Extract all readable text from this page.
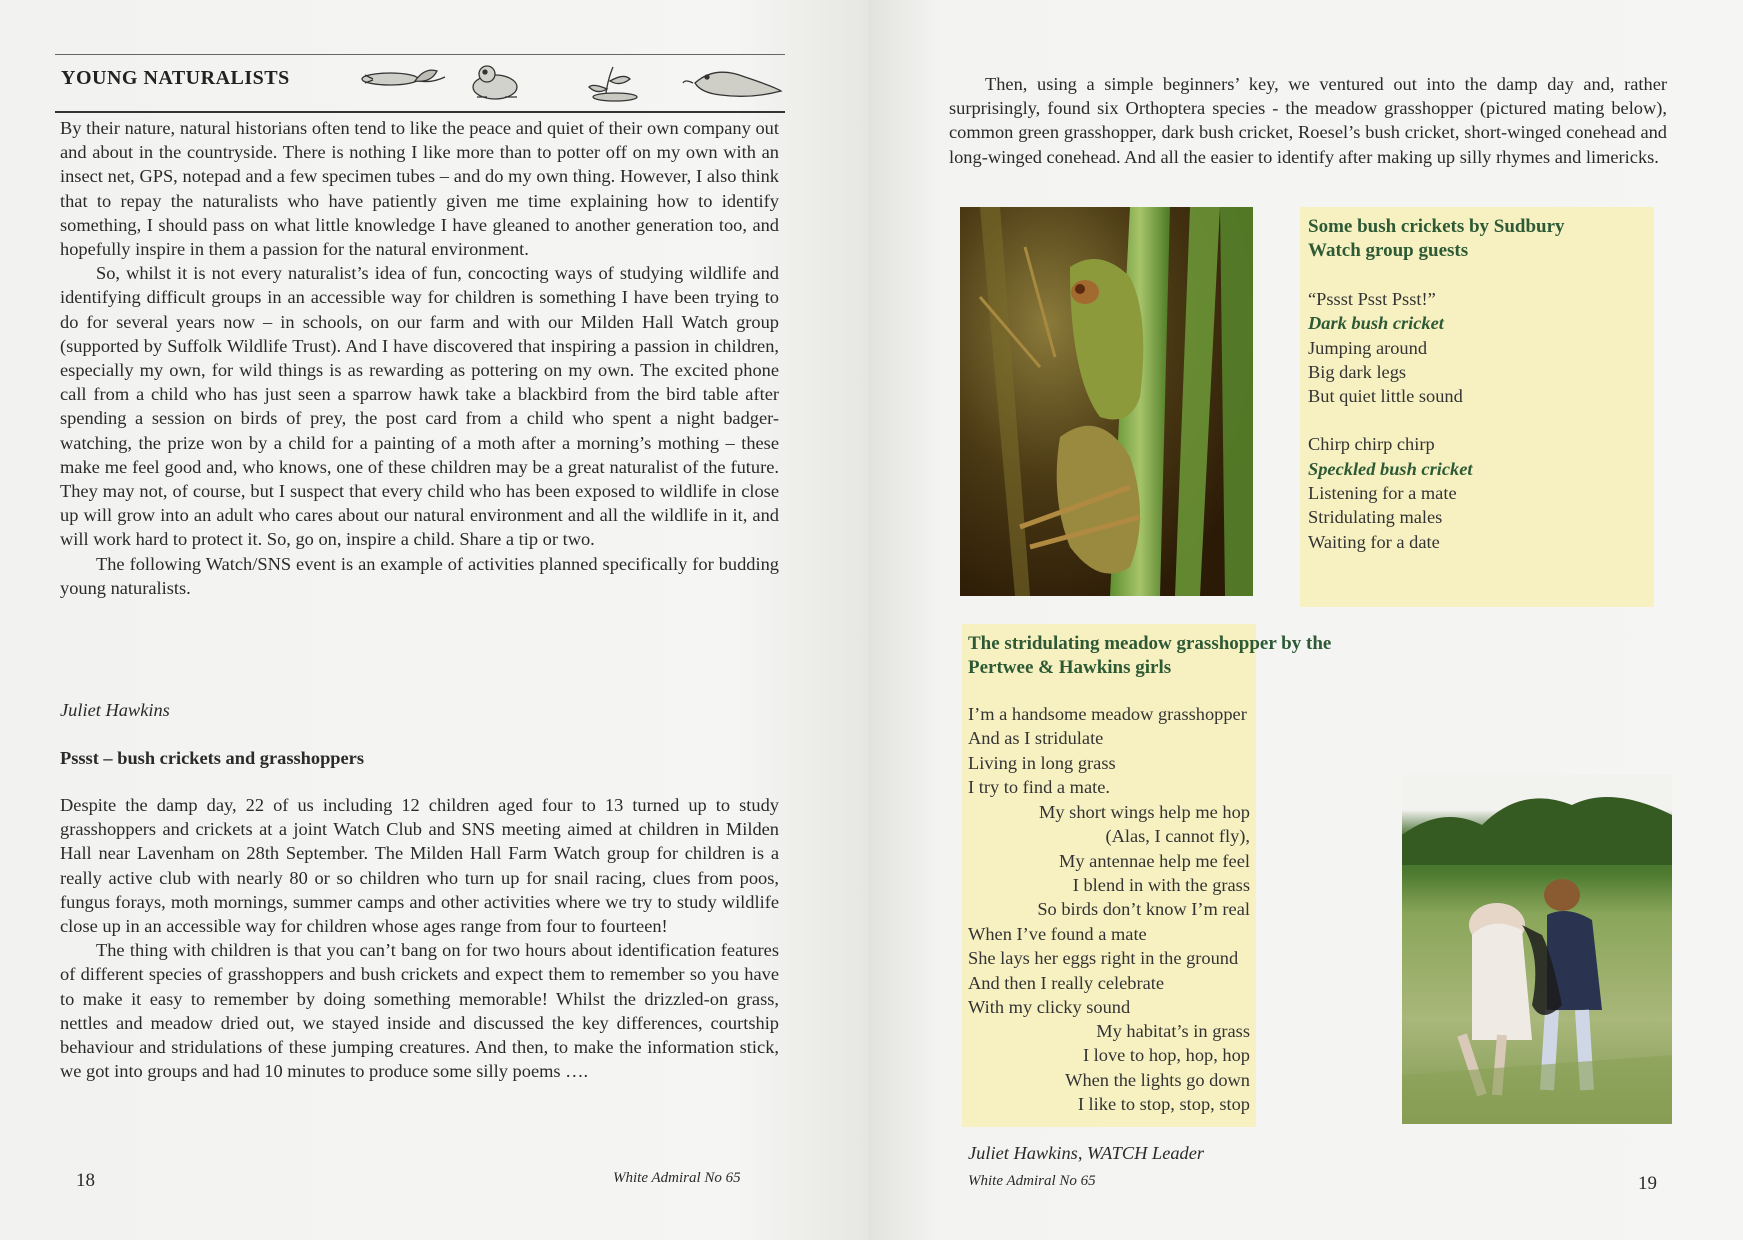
YOUNG NATURALISTS

By their nature, natural historians often tend to like the peace and quiet of their own company out and about in the countryside. There is nothing I like more than to potter off on my own with an insect net, GPS, notepad and a few specimen tubes – and do my own thing. However, I also think that to repay the naturalists who have patiently given me time explaining how to identify something, I should pass on what little knowledge I have gleaned to another generation too, and hopefully inspire in them a passion for the natural environment.

So, whilst it is not every naturalist’s idea of fun, concocting ways of studying wildlife and identifying difficult groups in an accessible way for children is something I have been trying to do for several years now – in schools, on our farm and with our Milden Hall Watch group (supported by Suffolk Wildlife Trust). And I have discovered that inspiring a passion in children, especially my own, for wild things is as rewarding as pottering on my own. The excited phone call from a child who has just seen a sparrow hawk take a blackbird from the bird table after spending a session on birds of prey, the post card from a child who spent a night badger-watching, the prize won by a child for a painting of a moth after a morning’s mothing – these make me feel good and, who knows, one of these children may be a great naturalist of the future. They may not, of course, but I suspect that every child who has been exposed to wildlife in close up will grow into an adult who cares about our natural environment and all the wildlife in it, and will work hard to protect it. So, go on, inspire a child. Share a tip or two.

The following Watch/SNS event is an example of activities planned specifically for budding young naturalists.

Juliet Hawkins
Pssst – bush crickets and grasshoppers

Despite the damp day, 22 of us including 12 children aged four to 13 turned up to study grasshoppers and crickets at a joint Watch Club and SNS meeting aimed at children in Milden Hall near Lavenham on 28th September. The Milden Hall Farm Watch group for children is a really active club with nearly 80 or so children who turn up for snail racing, clues from poos, fungus forays, moth mornings, summer camps and other activities where we try to study wildlife close up in an accessible way for children whose ages range from four to fourteen!

The thing with children is that you can’t bang on for two hours about identification features of different species of grasshoppers and bush crickets and expect them to remember so you have to make it easy to remember by doing something memorable! Whilst the drizzled-on grass, nettles and meadow dried out, we stayed inside and discussed the key differences, courtship behaviour and stridulations of these jumping creatures. And then, to make the information stick, we got into groups and had 10 minutes to produce some silly poems ….

18	White Admiral No 65

Then, using a simple beginners’ key, we ventured out into the damp day and, rather surprisingly, found six Orthoptera species - the meadow grasshopper (pictured mating below), common green grasshopper, dark bush cricket, Roesel’s bush cricket, short-winged conehead and long-winged conehead. And all the easier to identify after making up silly rhymes and limericks.

Some bush crickets by Sudbury
Watch group guests
“Pssst Psst Psst!”
Dark bush cricket
Jumping around
Big dark legs
But quiet little sound
Chirp chirp chirp
Speckled bush cricket
Listening for a mate
Stridulating males
Waiting for a date
The stridulating meadow grasshopper by the
Pertwee & Hawkins girls
I’m a handsome meadow grasshopper
And as I stridulate
Living in long grass
I try to find a mate.
My short wings help me hop
(Alas, I cannot fly),
My antennae help me feel
I blend in with the grass
So birds don’t know I’m real
When I’ve found a mate
She lays her eggs right in the ground
And then I really celebrate
With my clicky sound
My habitat’s in grass
I love to hop, hop, hop
When the lights go down
I like to stop, stop, stop
Juliet Hawkins, WATCH Leader
White Admiral No 65	19
